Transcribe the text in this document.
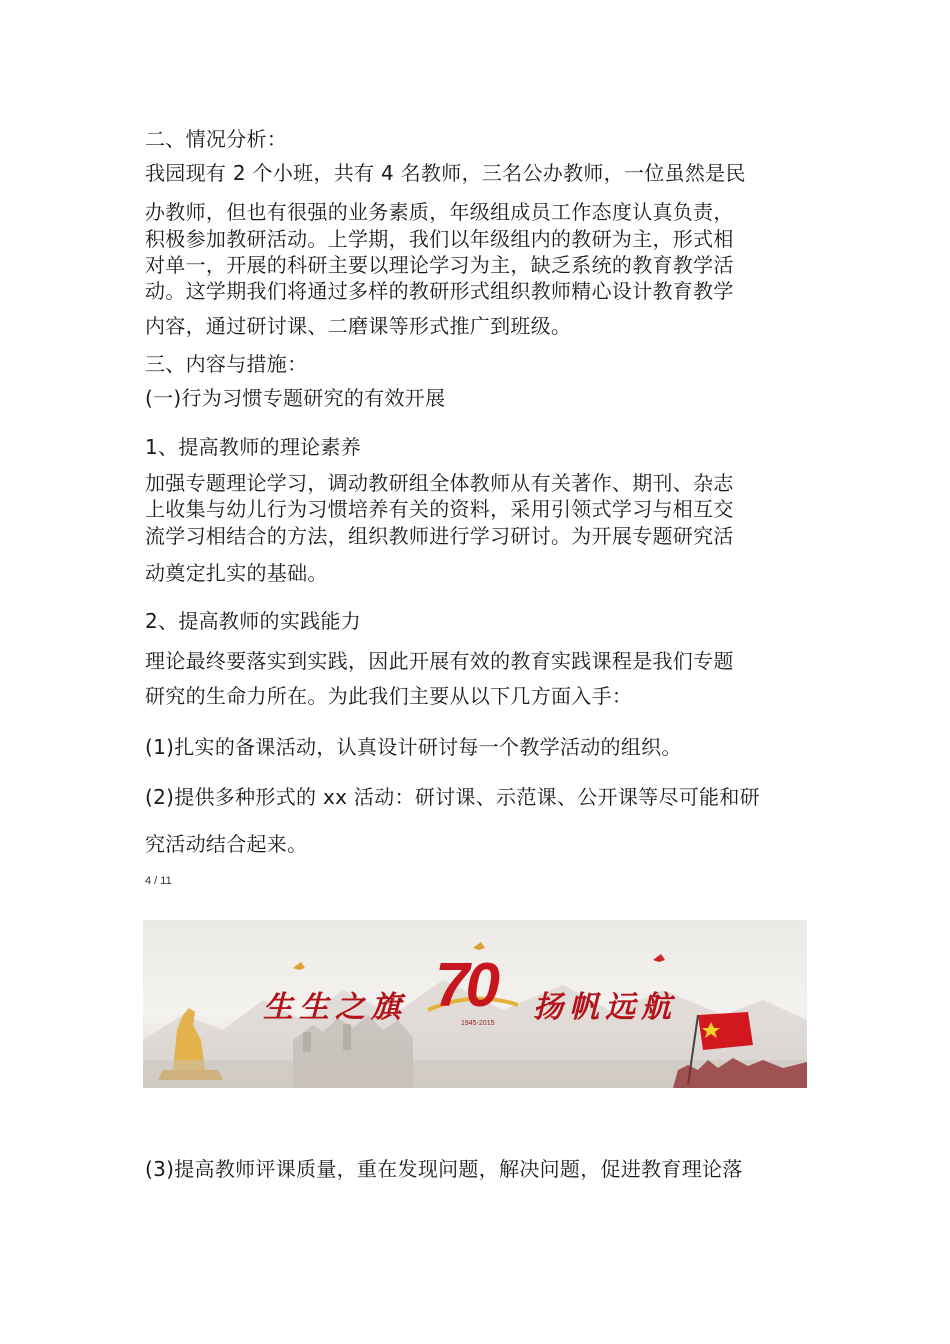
二、情况分析：
我园现有 2 个小班，共有 4 名教师，三名公办教师，一位虽然是民
办教师，但也有很强的业务素质，年级组成员工作态度认真负责，
积极参加教研活动。上学期，我们以年级组内的教研为主，形式相
对单一，开展的科研主要以理论学习为主，缺乏系统的教育教学活
动。这学期我们将通过多样的教研形式组织教师精心设计教育教学
内容，通过研讨课、二磨课等形式推广到班级。
三、内容与措施：
(一)行为习惯专题研究的有效开展
1、提高教师的理论素养
加强专题理论学习，调动教研组全体教师从有关著作、期刊、杂志
上收集与幼儿行为习惯培养有关的资料，采用引领式学习与相互交
流学习相结合的方法，组织教师进行学习研讨。为开展专题研究活
动奠定扎实的基础。
2、提高教师的实践能力
理论最终要落实到实践，因此开展有效的教育实践课程是我们专题
研究的生命力所在。为此我们主要从以下几方面入手：
(1)扎实的备课活动，认真设计研讨每一个教学活动的组织。
(2)提供多种形式的 xx 活动：研讨课、示范课、公开课等尽可能和研
究活动结合起来。
4 / 11
生生之旗 70
1945-2015 扬帆远航
(3)提高教师评课质量，重在发现问题，解决问题，促进教育理论落
